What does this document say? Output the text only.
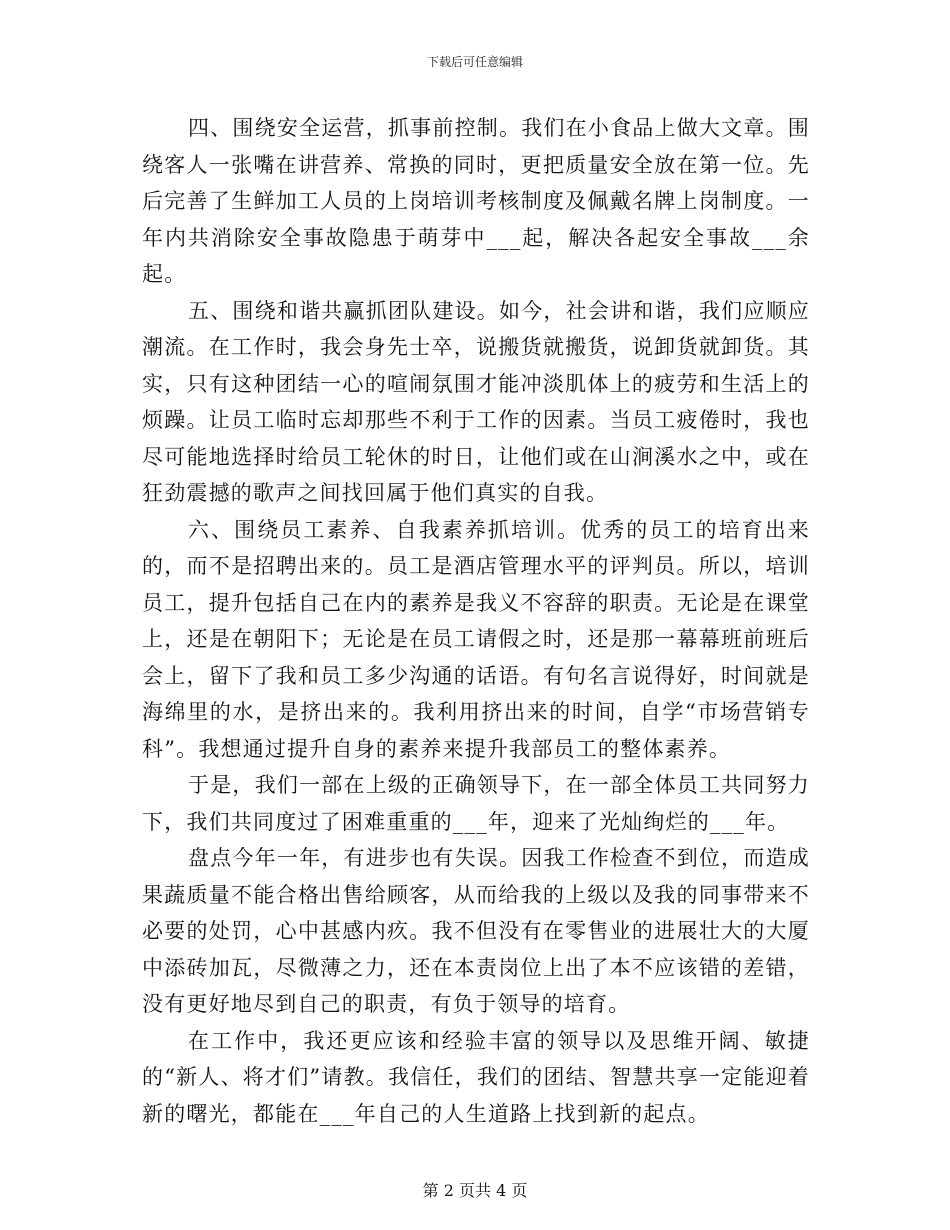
下载后可任意编辑

四、围绕安全运营，抓事前控制。我们在小食品上做大文章。围绕客人一张嘴在讲营养、常换的同时，更把质量安全放在第一位。先后完善了生鲜加工人员的上岗培训考核制度及佩戴名牌上岗制度。一年内共消除安全事故隐患于萌芽中___起，解决各起安全事故___余起。

五、围绕和谐共赢抓团队建设。如今，社会讲和谐，我们应顺应潮流。在工作时，我会身先士卒，说搬货就搬货，说卸货就卸货。其实，只有这种团结一心的喧闹氛围才能冲淡肌体上的疲劳和生活上的烦躁。让员工临时忘却那些不利于工作的因素。当员工疲倦时，我也尽可能地选择时给员工轮休的时日，让他们或在山涧溪水之中，或在狂劲震撼的歌声之间找回属于他们真实的自我。

六、围绕员工素养、自我素养抓培训。优秀的员工的培育出来的，而不是招聘出来的。员工是酒店管理水平的评判员。所以，培训员工，提升包括自己在内的素养是我义不容辞的职责。无论是在课堂上，还是在朝阳下；无论是在员工请假之时，还是那一幕幕班前班后会上，留下了我和员工多少沟通的话语。有句名言说得好，时间就是海绵里的水，是挤出来的。我利用挤出来的时间，自学“市场营销专科”。我想通过提升自身的素养来提升我部员工的整体素养。

于是，我们一部在上级的正确领导下，在一部全体员工共同努力下，我们共同度过了困难重重的___年，迎来了光灿绚烂的___年。

盘点今年一年，有进步也有失误。因我工作检查不到位，而造成果蔬质量不能合格出售给顾客，从而给我的上级以及我的同事带来不必要的处罚，心中甚感内疚。我不但没有在零售业的进展壮大的大厦中添砖加瓦，尽微薄之力，还在本责岗位上出了本不应该错的差错，没有更好地尽到自己的职责，有负于领导的培育。

在工作中，我还更应该和经验丰富的领导以及思维开阔、敏捷的“新人、将才们”请教。我信任，我们的团结、智慧共享一定能迎着新的曙光，都能在___年自己的人生道路上找到新的起点。

第 2 页共 4 页
